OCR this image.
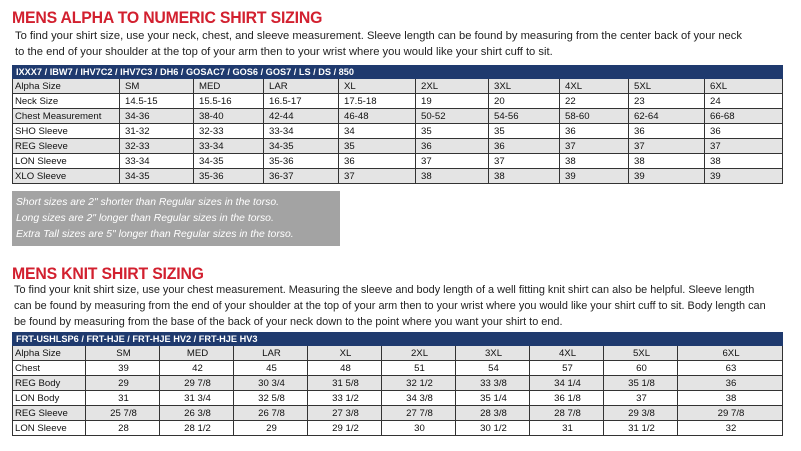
MENS ALPHA TO NUMERIC SHIRT SIZING
To find your shirt size, use your neck, chest, and sleeve measurement. Sleeve length can be found by measuring from the center back of your neck
to the end of your shoulder at the top of your arm then to your wrist where you would like your shirt cuff to sit.
IXXX7 / IBW7 / IHV7C2 / IHV7C3 / DH6 / GOSAC7 / GOS6 / GOS7 / LS / DS / 850									
Alpha Size	SM	MED	LAR	XL	2XL	3XL	4XL	5XL	6XL
Neck Size	14.5-15	15.5-16	16.5-17	17.5-18	19	20	22	23	24
Chest Measurement	34-36	38-40	42-44	46-48	50-52	54-56	58-60	62-64	66-68
SHO Sleeve	31-32	32-33	33-34	34	35	35	36	36	36
REG Sleeve	32-33	33-34	34-35	35	36	36	37	37	37
LON Sleeve	33-34	34-35	35-36	36	37	37	38	38	38
XLO Sleeve	34-35	35-36	36-37	37	38	38	39	39	39
Short sizes are 2" shorter than Regular sizes in the torso.
Long sizes are 2" longer than Regular sizes in the torso.
Extra Tall sizes are 5" longer than Regular sizes in the torso.
MENS KNIT SHIRT SIZING
To find your knit shirt size, use your chest measurement. Measuring the sleeve and body length of a well fitting knit shirt can also be helpful. Sleeve length
can be found by measuring from the end of your shoulder at the top of your arm then to your wrist where you would like your shirt cuff to sit. Body length can
be found by measuring from the base of the back of your neck down to the point where you want your shirt to end.
FRT-USHLSP6 / FRT-HJE / FRT-HJE HV2 / FRT-HJE HV3									
Alpha Size	SM	MED	LAR	XL	2XL	3XL	4XL	5XL	6XL
Chest	39	42	45	48	51	54	57	60	63
REG Body	29	29 7/8	30 3/4	31 5/8	32 1/2	33 3/8	34 1/4	35 1/8	36
LON Body	31	31 3/4	32 5/8	33 1/2	34 3/8	35 1/4	36 1/8	37	38
REG Sleeve	25 7/8	26 3/8	26 7/8	27 3/8	27 7/8	28 3/8	28 7/8	29 3/8	29 7/8
LON Sleeve	28	28 1/2	29	29 1/2	30	30 1/2	31	31 1/2	32
